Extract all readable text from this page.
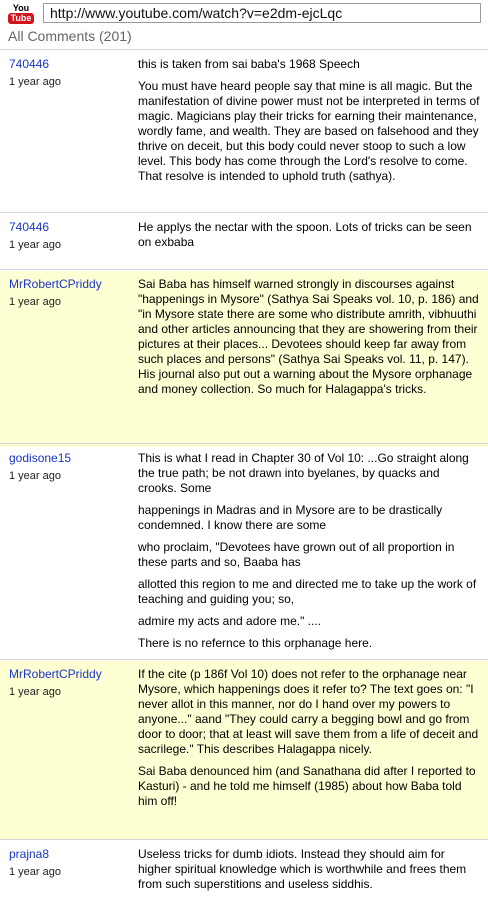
You
Tube	http://www.youtube.com/watch?v=e2dm-ejcLqc
All Comments (201)
740446
1 year ago

this is taken from sai baba's 1968 Speech

You must have heard people say that mine is all magic. But the manifestation of divine power must not be interpreted in terms of magic. Magicians play their tricks for earning their maintenance, wordly fame, and wealth. They are based on falsehood and they thrive on deceit, but this body could never stoop to such a low level. This body has come through the Lord's resolve to come. That resolve is intended to uphold truth (sathya).

740446
1 year ago

He applys the nectar with the spoon. Lots of tricks can be seen on exbaba

MrRobertCPriddy
1 year ago

Sai Baba has himself warned strongly in discourses against "happenings in Mysore" (Sathya Sai Speaks vol. 10, p. 186) and "in Mysore state there are some who distribute amrith, vibhuuthi and other articles announcing that they are showering from their pictures at their places... Devotees should keep far away from such places and persons" (Sathya Sai Speaks vol. 11, p. 147). His journal also put out a warning about the Mysore orphanage and money collection. So much for Halagappa's tricks.

godisone15
1 year ago

This is what I read in Chapter 30 of Vol 10: ...Go straight along the true path; be not drawn into byelanes, by quacks and crooks. Some

happenings in Madras and in Mysore are to be drastically condemned. I know there are some

who proclaim, "Devotees have grown out of all proportion in these parts and so, Baaba has

allotted this region to me and directed me to take up the work of teaching and guiding you; so,

admire my acts and adore me." ....

There is no refernce to this orphanage here.

MrRobertCPriddy
1 year ago

If the cite (p 186f Vol 10) does not refer to the orphanage near Mysore, which happenings does it refer to? The text goes on: "I never allot in this manner, nor do I hand over my powers to anyone..." aand "They could carry a begging bowl and go from door to door; that at least will save them from a life of deceit and sacrilege." This describes Halagappa nicely.

Sai Baba denounced him (and Sanathana did after I reported to Kasturi) - and he told me himself (1985) about how Baba told him off!

prajna8
1 year ago

Useless tricks for dumb idiots. Instead they should aim for higher spiritual knowledge which is worthwhile and frees them from such superstitions and useless siddhis.
